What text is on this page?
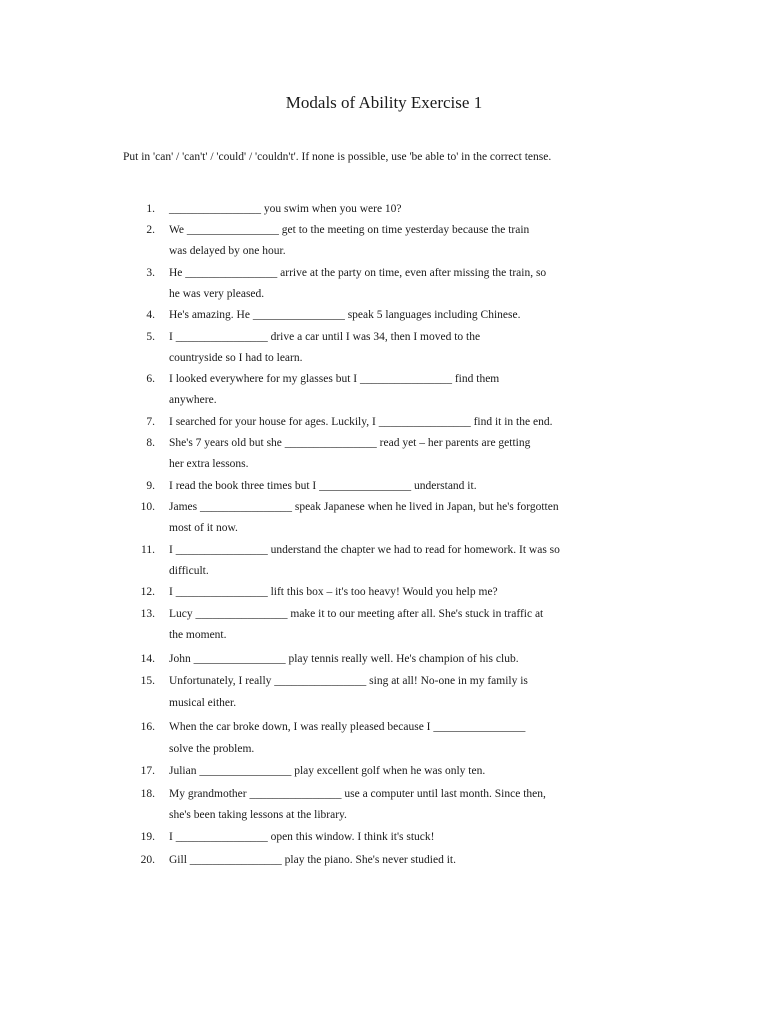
Modals of Ability Exercise 1
Put in 'can' / 'can't' / 'could' / 'couldn't'. If none is possible, use 'be able to' in the correct tense.
1. ________________ you swim when you were 10?
2. We ________________ get to the meeting on time yesterday because the train
was delayed by one hour.
3. He ________________ arrive at the party on time, even after missing the train, so
he was very pleased.
4. He's amazing. He ________________ speak 5 languages including Chinese.
5. I ________________ drive a car until I was 34, then I moved to the
countryside so I had to learn.
6. I looked everywhere for my glasses but I ________________ find them
anywhere.
7. I searched for your house for ages. Luckily, I ________________ find it in the end.
8. She's 7 years old but she ________________ read yet – her parents are getting
her extra lessons.
9. I read the book three times but I ________________ understand it.
10. James ________________ speak Japanese when he lived in Japan, but he's forgotten
most of it now.
11. I ________________ understand the chapter we had to read for homework. It was so
difficult.
12. I ________________ lift this box – it's too heavy! Would you help me?
13. Lucy ________________ make it to our meeting after all. She's stuck in traffic at
the moment.
14. John ________________ play tennis really well. He's champion of his club.
15. Unfortunately, I really ________________ sing at all! No-one in my family is
musical either.
16. When the car broke down, I was really pleased because I ________________
solve the problem.
17. Julian ________________ play excellent golf when he was only ten.
18. My grandmother ________________ use a computer until last month. Since then,
she's been taking lessons at the library.
19. I ________________ open this window. I think it's stuck!
20. Gill ________________ play the piano. She's never studied it.
